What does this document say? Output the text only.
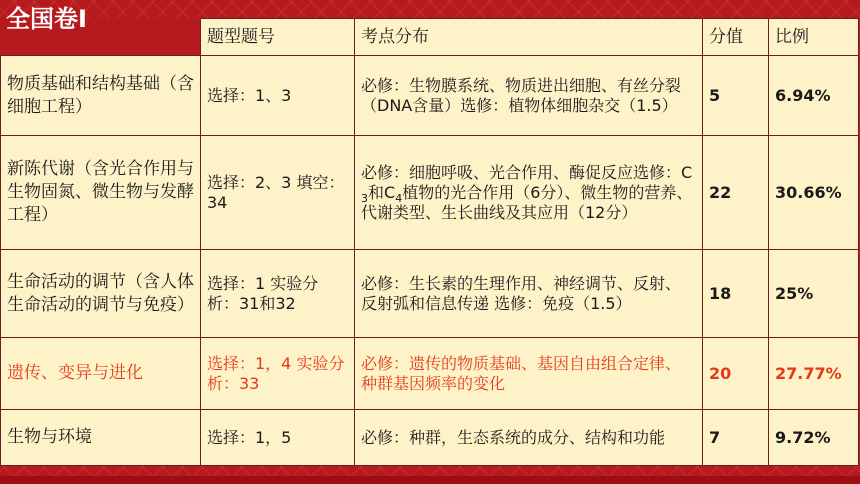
	题型题号	考点分布	分值	比例
物质基础和结构基础（含细胞工程）	选择：1、3	必修：生物膜系统、物质进出细胞、有丝分裂（DNA含量）选修：植物体细胞杂交（1.5）	5	6.94%
新陈代谢（含光合作用与生物固氮、微生物与发酵工程）	选择：2、3 填空：34	必修：细胞呼吸、光合作用、酶促反应选修：$C_3$和$C_4$植物的光合作用（6分）、微生物的营养、代谢类型、生长曲线及其应用（12分）	22	30.66%
生命活动的调节（含人体生命活动的调节与免疫）	选择：1 实验分析：31和32	必修：生长素的生理作用、神经调节、反射、反射弧和信息传递 选修：免疫（1.5）	18	25%
遗传、变异与进化	选择：1，4 实验分析：33	必修：遗传的物质基础、基因自由组合定律、种群基因频率的变化	20	27.77%
生物与环境	选择：1，5	必修：种群，生态系统的成分、结构和功能	7	9.72%
全国卷Ⅰ
